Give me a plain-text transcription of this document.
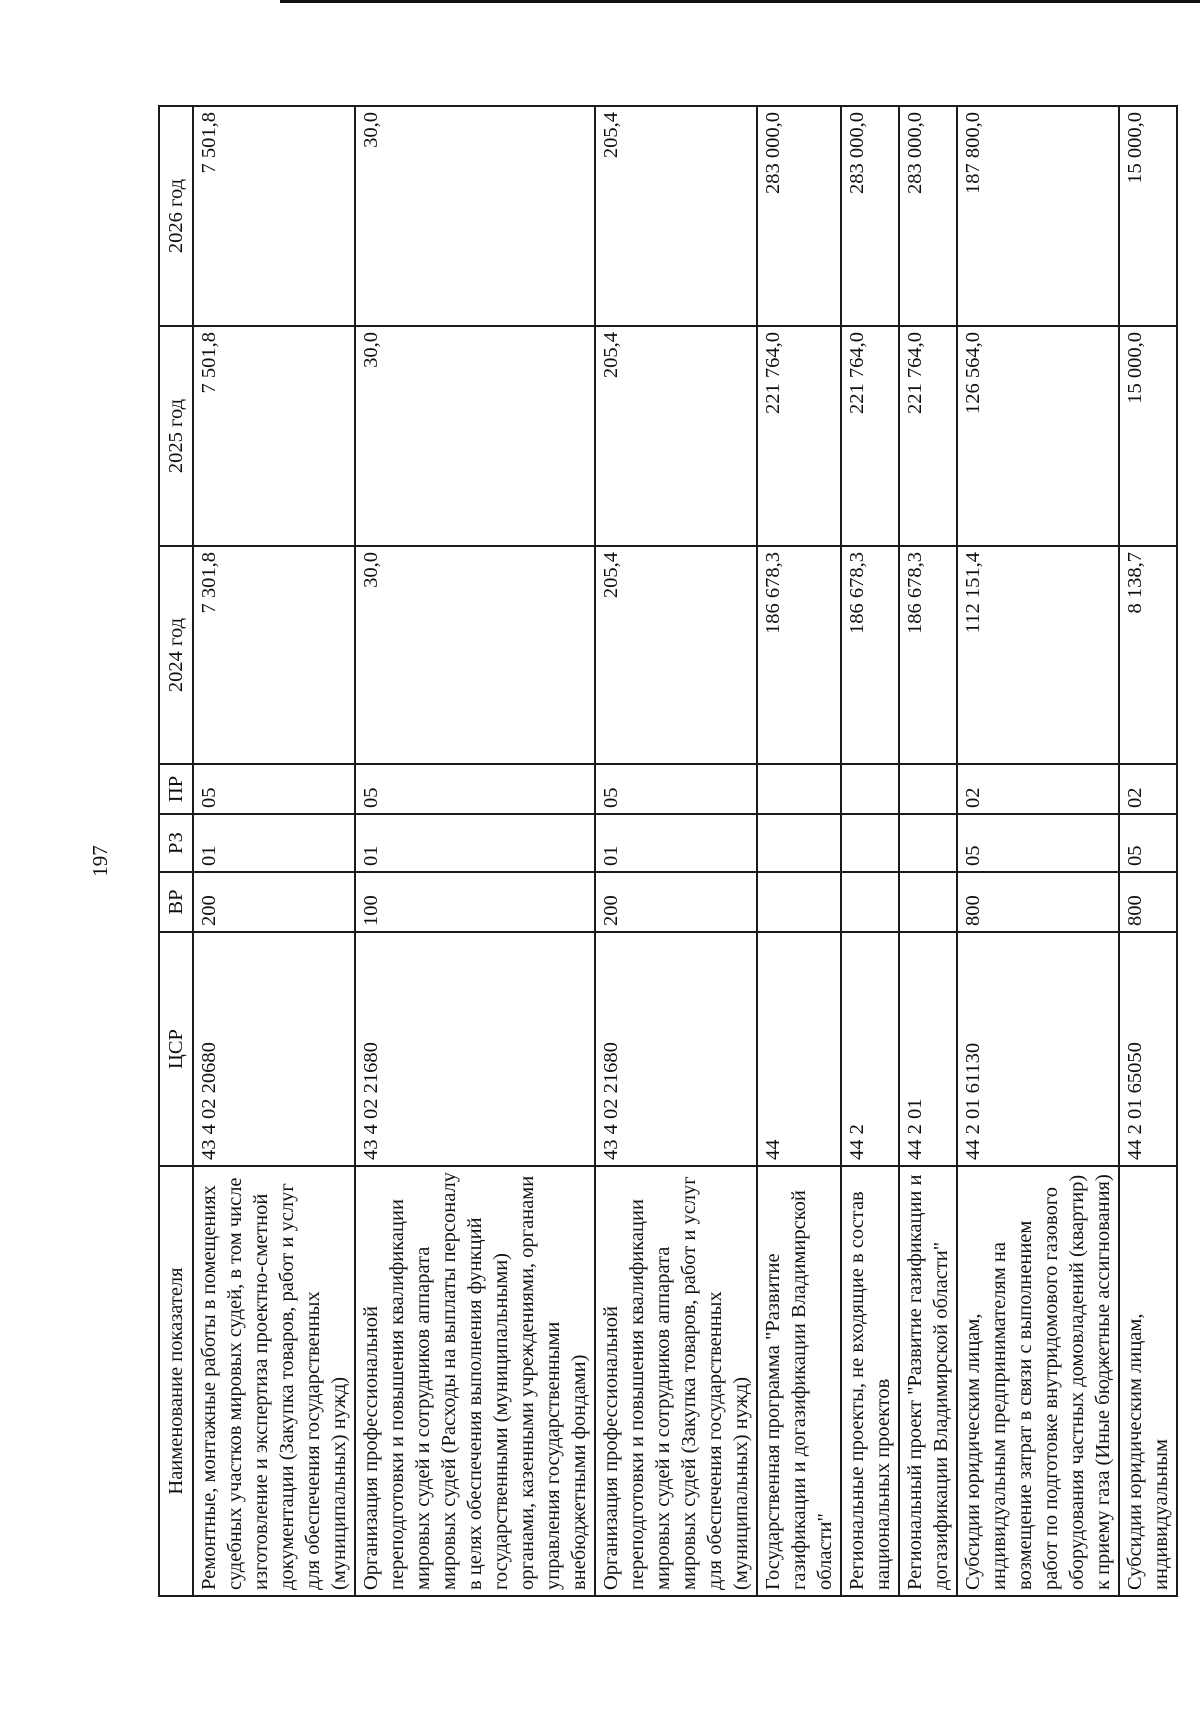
197
Наименование показателя	ЦСР	ВР	РЗ	ПР	2024 год	2025 год	2026 год
Ремонтные, монтажные работы в помещениях судебных участков мировых судей, в том числе изготовление и экспертиза проектно-сметной документации (Закупка товаров, работ и услуг для обеспечения государственных (муниципальных) нужд)	43 4 02 20680	200	01	05	7 301,8	7 501,8	7 501,8
Организация профессиональной переподготовки и повышения квалификации мировых судей и сотрудников аппарата мировых судей (Расходы на выплаты персоналу в целях обеспечения выполнения функций государственными (муниципальными) органами, казенными учреждениями, органами управления государственными внебюджетными фондами)	43 4 02 21680	100	01	05	30,0	30,0	30,0
Организация профессиональной переподготовки и повышения квалификации мировых судей и сотрудников аппарата мировых судей (Закупка товаров, работ и услуг для обеспечения государственных (муниципальных) нужд)	43 4 02 21680	200	01	05	205,4	205,4	205,4
Государственная программа "Развитие газификации и догазификации Владимирской области"	44				186 678,3	221 764,0	283 000,0
Региональные проекты, не входящие в состав национальных проектов	44 2				186 678,3	221 764,0	283 000,0
Региональный проект "Развитие газификации и догазификации Владимирской области"	44 2 01				186 678,3	221 764,0	283 000,0
Субсидии юридическим лицам, индивидуальным предпринимателям на возмещение затрат в связи с выполнением работ по подготовке внутридомового газового оборудования частных домовладений (квартир) к приему газа (Иные бюджетные ассигнования)	44 2 01 61130	800	05	02	112 151,4	126 564,0	187 800,0
Субсидии юридическим лицам, индивидуальным	44 2 01 65050	800	05	02	8 138,7	15 000,0	15 000,0
